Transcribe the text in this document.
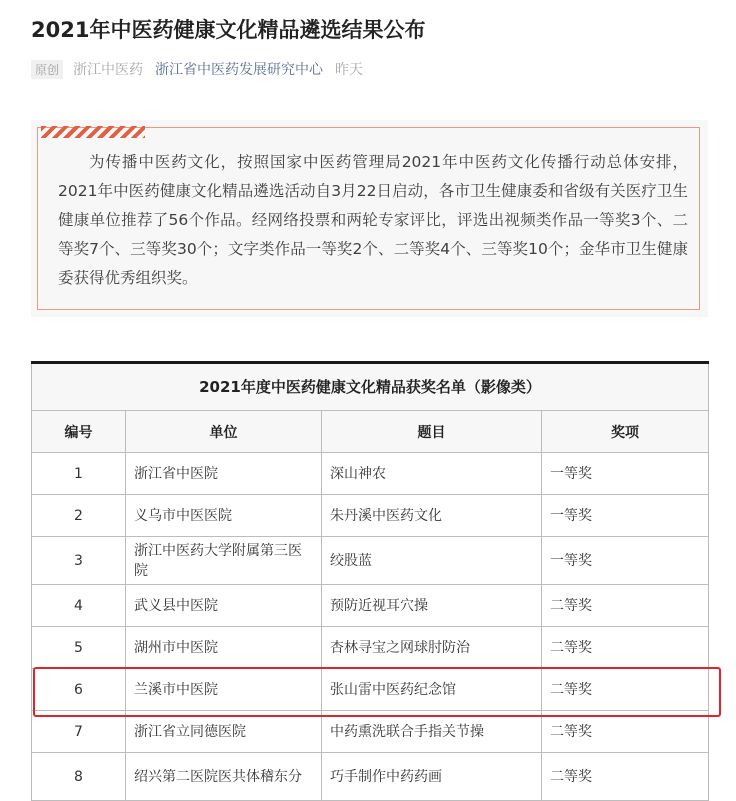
2021年中医药健康文化精品遴选结果公布
原创 浙江中医药 浙江省中医药发展研究中心 昨天

为传播中医药文化，按照国家中医药管理局2021年中医药文化传播行动总体安排，2021年中医药健康文化精品遴选活动自3月22日启动，各市卫生健康委和省级有关医疗卫生健康单位推荐了56个作品。经网络投票和两轮专家评比，评选出视频类作品一等奖3个、二等奖7个、三等奖30个；文字类作品一等奖2个、二等奖4个、三等奖10个；金华市卫生健康委获得优秀组织奖。

2021年度中医药健康文化精品获奖名单（影像类）			
编号	单位	题目	奖项
1	浙江省中医院	深山神农	一等奖
2	义乌市中医医院	朱丹溪中医药文化	一等奖
3	浙江中医药大学附属第三医院	绞股蓝	一等奖
4	武义县中医院	预防近视耳穴操	二等奖
5	湖州市中医院	杏林寻宝之网球肘防治	二等奖
6	兰溪市中医院	张山雷中医药纪念馆	二等奖
7	浙江省立同德医院	中药熏洗联合手指关节操	二等奖
8	绍兴第二医院医共体稽东分	巧手制作中药药画	二等奖
